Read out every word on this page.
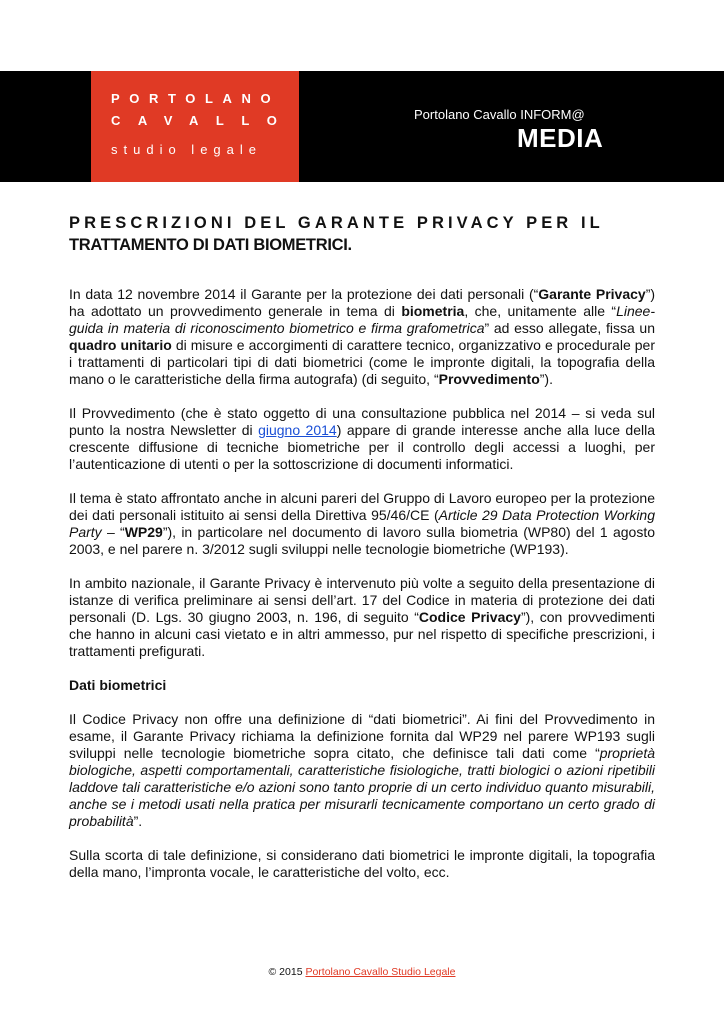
PORTOLANO
CAVALLO
studio legale
Portolano Cavallo INFORM@
MEDIA
PRESCRIZIONI DEL GARANTE PRIVACY PER IL
TRATTAMENTO DI DATI BIOMETRICI.

In data 12 novembre 2014 il Garante per la protezione dei dati personali (“Garante Privacy”) ha adottato un provvedimento generale in tema di biometria, che, unitamente alle “Linee-guida in materia di riconoscimento biometrico e firma grafometrica” ad esso allegate, fissa un quadro unitario di misure e accorgimenti di carattere tecnico, organizzativo e procedurale per i trattamenti di particolari tipi di dati biometrici (come le impronte digitali, la topografia della mano o le caratteristiche della firma autografa) (di seguito, “Provvedimento”).

Il Provvedimento (che è stato oggetto di una consultazione pubblica nel 2014 – si veda sul punto la nostra Newsletter di giugno 2014) appare di grande interesse anche alla luce della crescente diffusione di tecniche biometriche per il controllo degli accessi a luoghi, per l’autenticazione di utenti o per la sottoscrizione di documenti informatici.

Il tema è stato affrontato anche in alcuni pareri del Gruppo di Lavoro europeo per la protezione dei dati personali istituito ai sensi della Direttiva 95/46/CE (Article 29 Data Protection Working Party – “WP29”), in particolare nel documento di lavoro sulla biometria (WP80) del 1 agosto 2003, e nel parere n. 3/2012 sugli sviluppi nelle tecnologie biometriche (WP193).

In ambito nazionale, il Garante Privacy è intervenuto più volte a seguito della presentazione di istanze di verifica preliminare ai sensi dell’art. 17 del Codice in materia di protezione dei dati personali (D. Lgs. 30 giugno 2003, n. 196, di seguito “Codice Privacy”), con provvedimenti che hanno in alcuni casi vietato e in altri ammesso, pur nel rispetto di specifiche prescrizioni, i trattamenti prefigurati.

Dati biometrici

Il Codice Privacy non offre una definizione di “dati biometrici”. Ai fini del Provvedimento in esame, il Garante Privacy richiama la definizione fornita dal WP29 nel parere WP193 sugli sviluppi nelle tecnologie biometriche sopra citato, che definisce tali dati come “proprietà biologiche, aspetti comportamentali, caratteristiche fisiologiche, tratti biologici o azioni ripetibili laddove tali caratteristiche e/o azioni sono tanto proprie di un certo individuo quanto misurabili, anche se i metodi usati nella pratica per misurarli tecnicamente comportano un certo grado di probabilità”.

Sulla scorta di tale definizione, si considerano dati biometrici le impronte digitali, la topografia della mano, l’impronta vocale, le caratteristiche del volto, ecc.

© 2015 Portolano Cavallo Studio Legale
